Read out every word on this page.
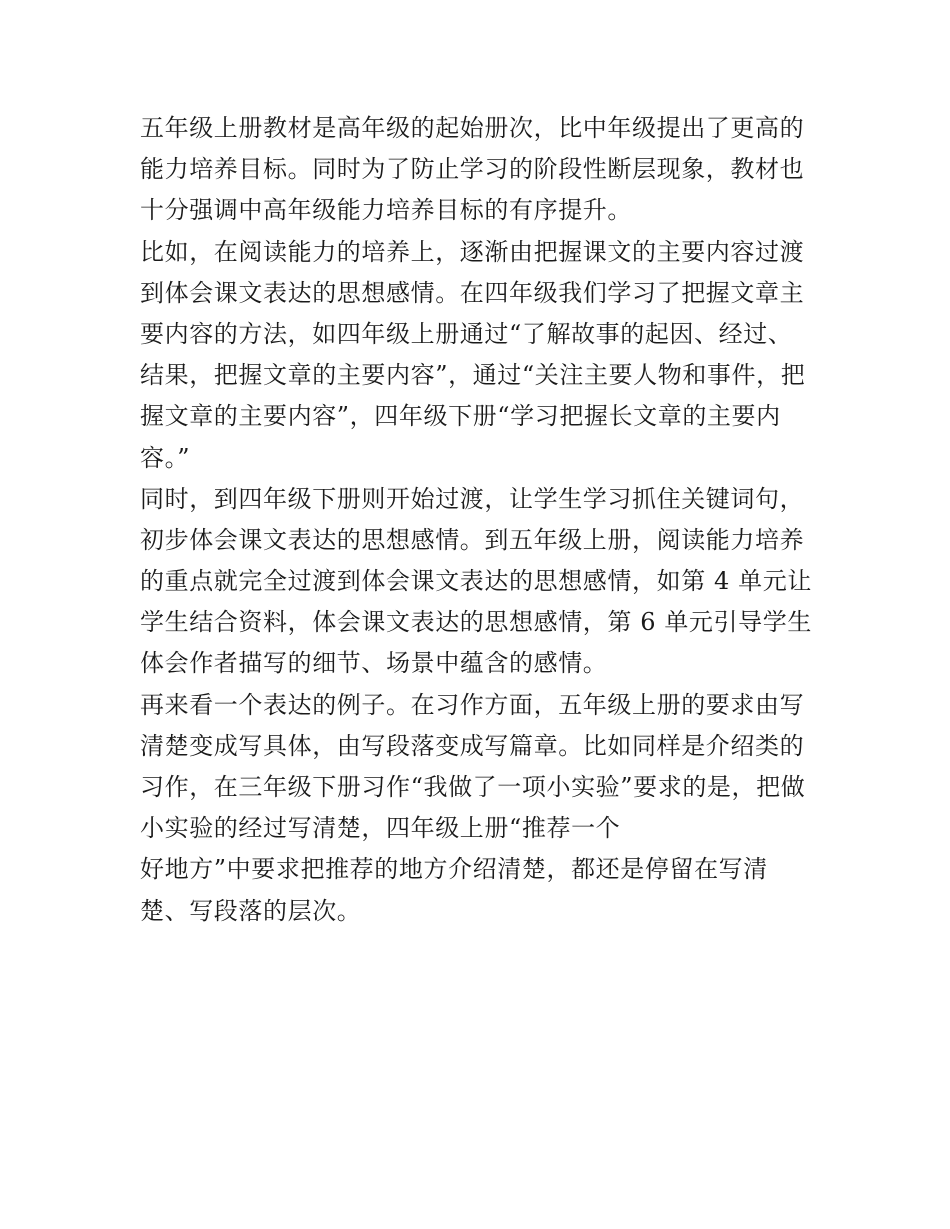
五年级上册教材是高年级的起始册次，比中年级提出了更高的
能力培养目标。同时为了防止学习的阶段性断层现象，教材也
十分强调中高年级能力培养目标的有序提升。
比如，在阅读能力的培养上，逐渐由把握课文的主要内容过渡
到体会课文表达的思想感情。在四年级我们学习了把握文章主
要内容的方法，如四年级上册通过“了解故事的起因、经过、
结果，把握文章的主要内容”，通过“关注主要人物和事件，把
握文章的主要内容”，四年级下册“学习把握长文章的主要内
容。”
同时，到四年级下册则开始过渡，让学生学习抓住关键词句，
初步体会课文表达的思想感情。到五年级上册，阅读能力培养
的重点就完全过渡到体会课文表达的思想感情，如第 4 单元让
学生结合资料，体会课文表达的思想感情，第 6 单元引导学生
体会作者描写的细节、场景中蕴含的感情。
再来看一个表达的例子。在习作方面，五年级上册的要求由写
清楚变成写具体，由写段落变成写篇章。比如同样是介绍类的
习作，在三年级下册习作“我做了一项小实验”要求的是，把做
小实验的经过写清楚，四年级上册“推荐一个
好地方”中要求把推荐的地方介绍清楚，都还是停留在写清
楚、写段落的层次。
